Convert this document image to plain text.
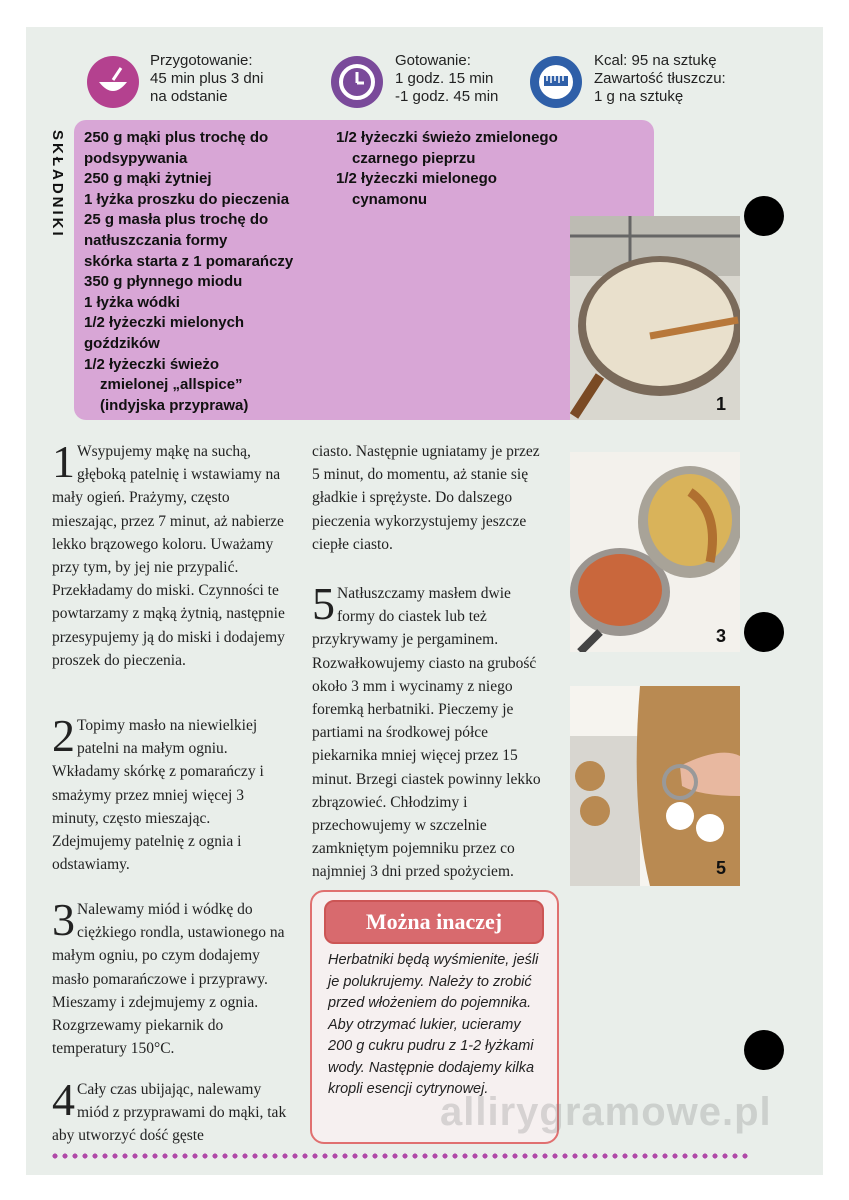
Przygotowanie:
45 min plus 3 dni
na odstanie
Gotowanie:
1 godz. 15 min
-1 godz. 45 min
Kcal: 95 na sztukę
Zawartość tłuszczu:
1 g na sztukę
SKŁADNIKI 250 g mąki plus trochę do
podsypywania
250 g mąki żytniej
1 łyżka proszku do pieczenia
25 g masła plus trochę do
natłuszczania formy
skórka starta z 1 pomarańczy
350 g płynnego miodu
1 łyżka wódki
1/2 łyżeczki mielonych
goździków
1/2 łyżeczki świeżo
zmielonej „allspice”
(indyjska przyprawa)
1/2 łyżeczki świeżo zmielonego
czarnego pieprzu
1/2 łyżeczki mielonego
cynamonu
1
3
5
1 Wsypujemy mąkę na suchą, głęboką patelnię i wstawiamy na mały ogień. Prażymy, często mieszając, przez 7 minut, aż nabierze lekko brązowego koloru. Uważamy przy tym, by jej nie przypalić. Przekładamy do miski. Czynności te powtarzamy z mąką żytnią, następnie przesypujemy ją do miski i dodajemy proszek do pieczenia.
2 Topimy masło na niewielkiej patelni na małym ogniu. Wkładamy skórkę z pomarańczy i smażymy przez mniej więcej 3 minuty, często mieszając. Zdejmujemy patelnię z ognia i odstawiamy.
3 Nalewamy miód i wódkę do ciężkiego rondla, ustawionego na małym ogniu, po czym dodajemy masło pomarańczowe i przyprawy. Mieszamy i zdejmujemy z ognia. Rozgrzewamy piekarnik do temperatury 150°C.
4 Cały czas ubijając, nalewamy miód z przyprawami do mąki, tak aby utworzyć dość gęste
ciasto. Następnie ugniatamy je przez 5 minut, do momentu, aż stanie się gładkie i sprężyste. Do dalszego pieczenia wykorzystujemy jeszcze ciepłe ciasto.
5 Natłuszczamy masłem dwie formy do ciastek lub też przykrywamy je pergaminem. Rozwałkowujemy ciasto na grubość około 3 mm i wycinamy z niego foremką herbatniki. Pieczemy je partiami na środkowej półce piekarnika mniej więcej przez 15 minut. Brzegi ciastek powinny lekko zbrązowieć. Chłodzimy i przechowujemy w szczelnie zamkniętym pojemniku przez co najmniej 3 dni przed spożyciem.
Można inaczej
Herbatniki będą wyśmienite, jeśli je polukrujemy. Należy to zrobić przed włożeniem do pojemnika. Aby otrzymać lukier, ucieramy 200 g cukru pudru z 1-2 łyżkami wody. Następnie dodajemy kilka kropli esencji cytrynowej.
allirygramowe.pl
